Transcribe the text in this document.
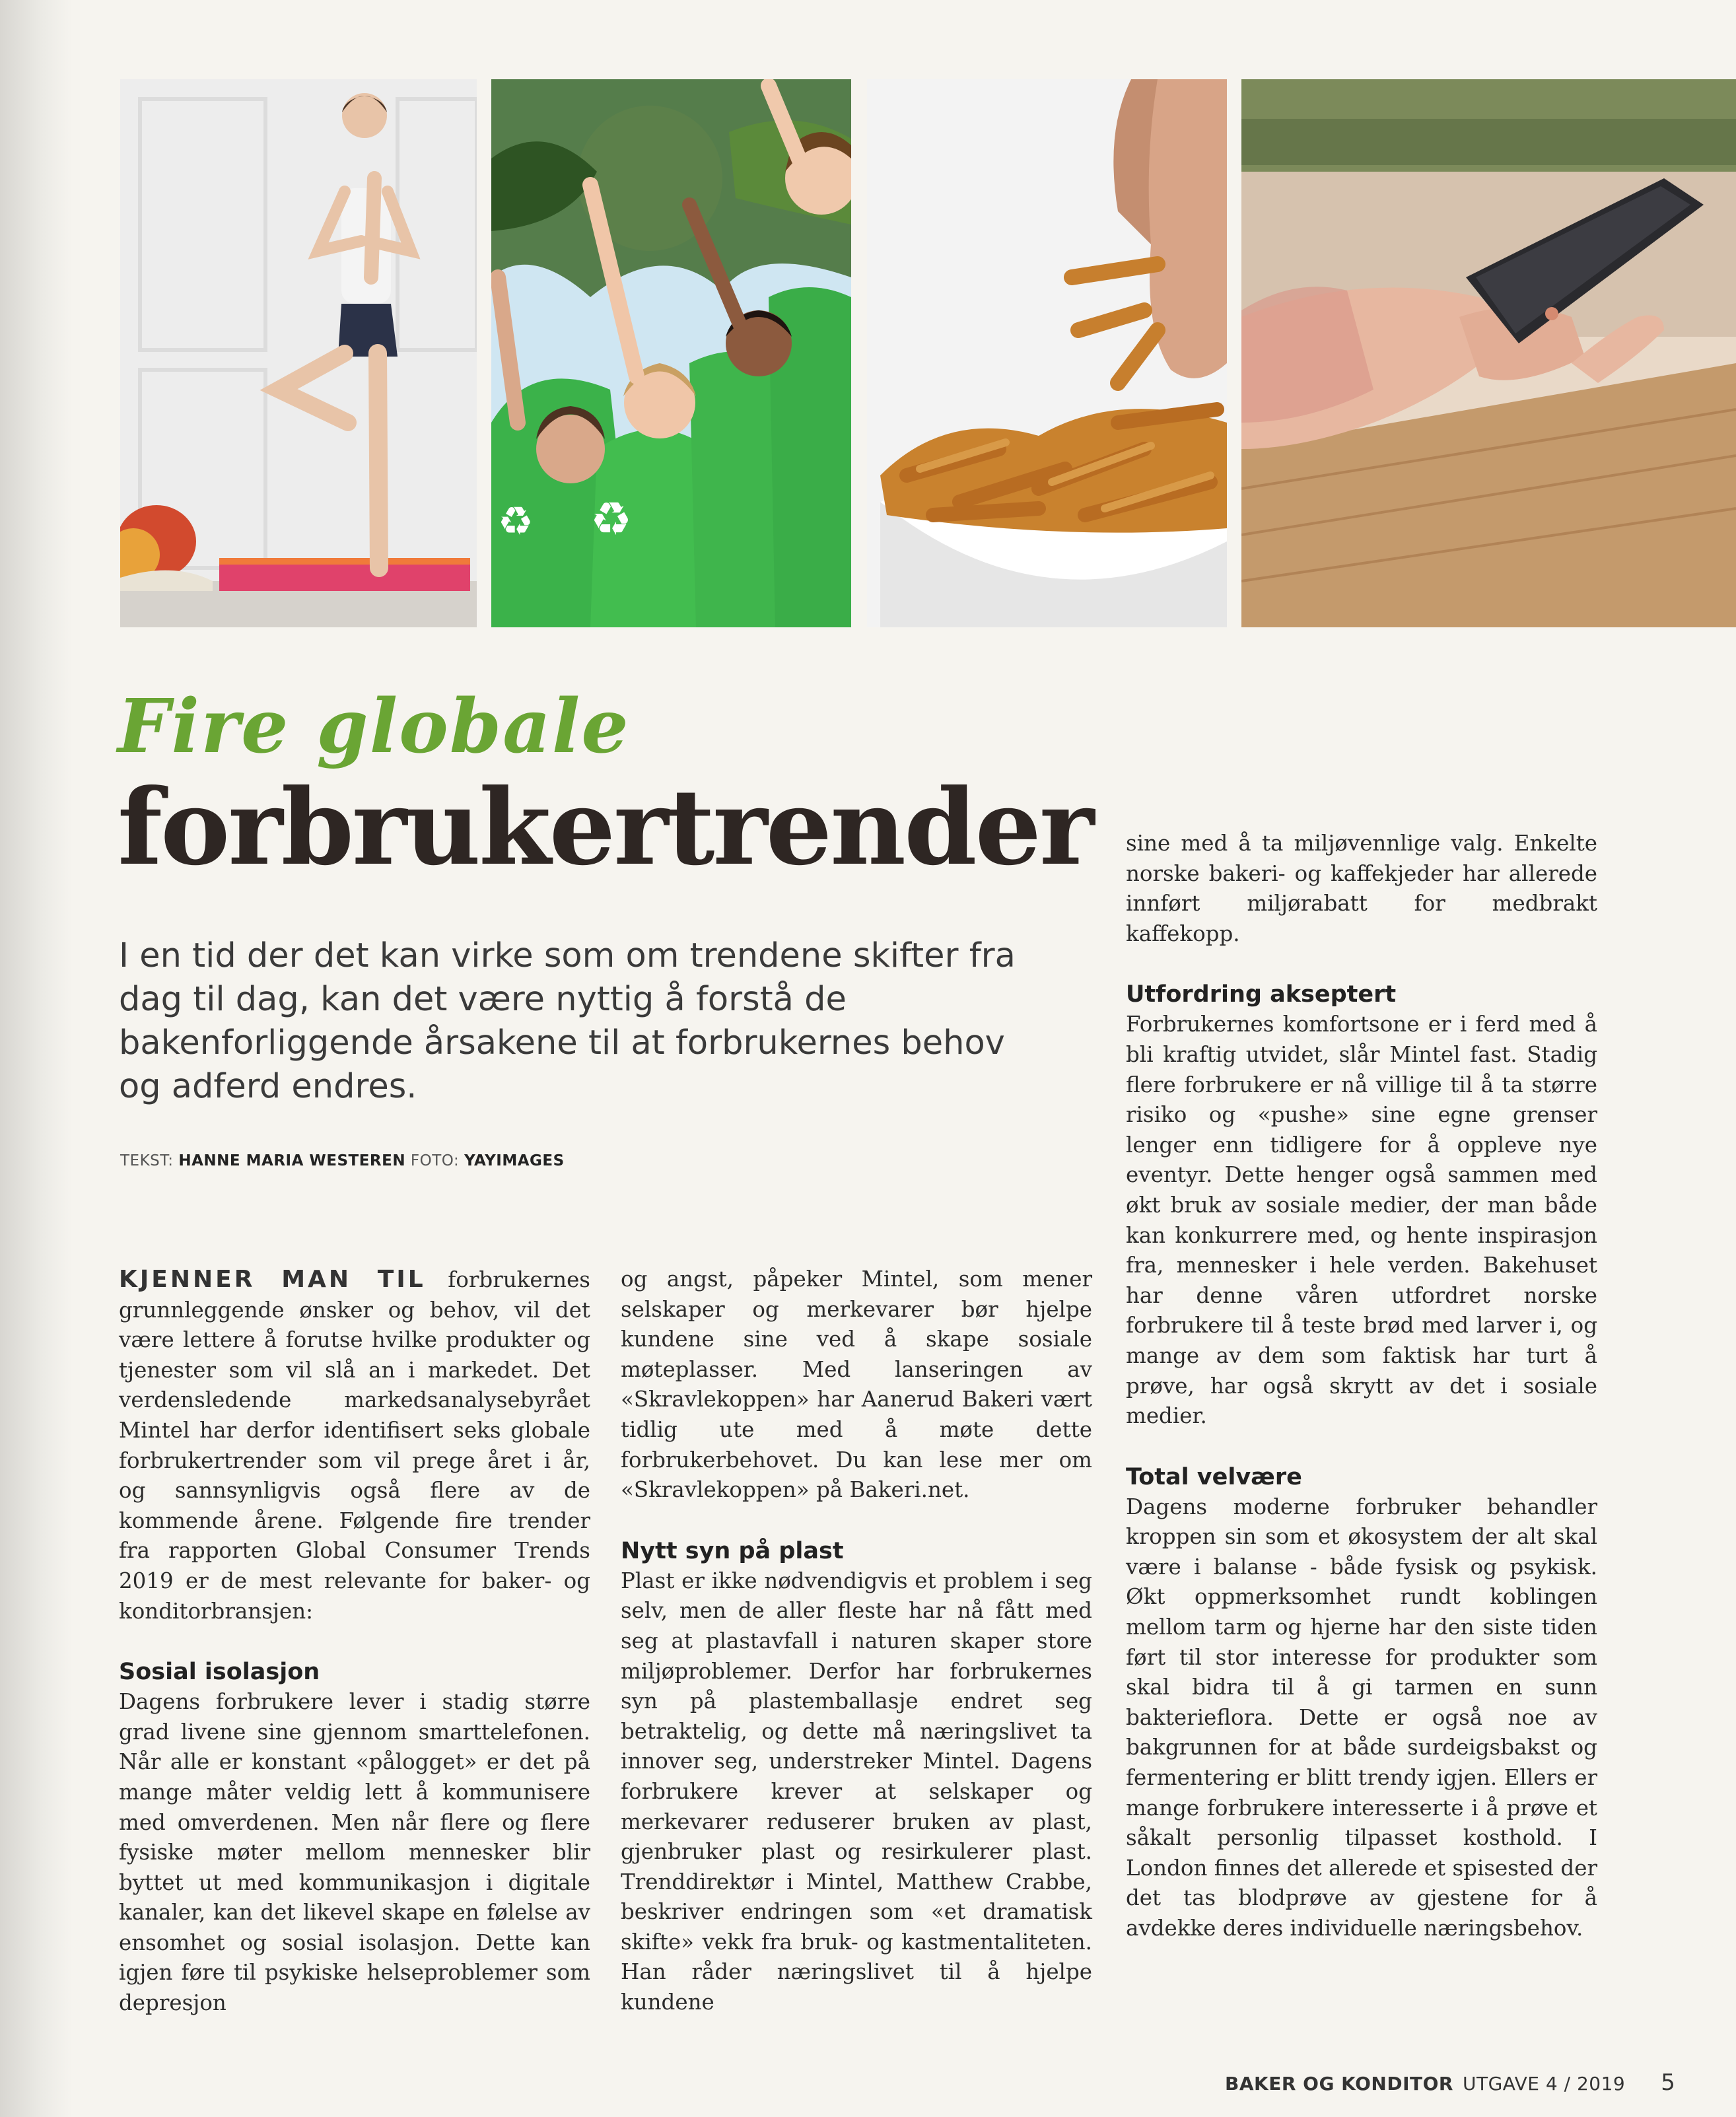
♻
♻
Fire globale
forbrukertrender
I en tid der det kan virke som om trendene skifter fra dag til dag, kan det være nyttig å forstå de bakenforliggende årsakene til at forbrukernes behov og adferd endres.
TEKST: HANNE MARIA WESTEREN FOTO: YAYIMAGES

KJENNER MAN TIL forbrukernes grunnleggende ønsker og behov, vil det være lettere å forutse hvilke produkter og tjenester som vil slå an i markedet. Det verdensledende markedsanalysebyrået Mintel har derfor identifisert seks globale forbrukertrender som vil prege året i år, og sannsynligvis også flere av de kommende årene. Følgende fire trender fra rapporten Global Consumer Trends 2019 er de mest relevante for baker- og konditorbransjen:

Sosial isolasjon

Dagens forbrukere lever i stadig større grad livene sine gjennom smarttelefonen. Når alle er konstant «pålogget» er det på mange måter veldig lett å kommunisere med omverdenen. Men når flere og flere fysiske møter mellom mennesker blir byttet ut med kommunikasjon i digitale kanaler, kan det likevel skape en følelse av ensomhet og sosial isolasjon. Dette kan igjen føre til psykiske helseproblemer som depresjon

og angst, påpeker Mintel, som mener selskaper og merkevarer bør hjelpe kundene sine ved å skape sosiale møteplasser. Med lanseringen av «Skravlekoppen» har Aanerud Bakeri vært tidlig ute med å møte dette forbrukerbehovet. Du kan lese mer om «Skravlekoppen» på Bakeri.net.

Nytt syn på plast

Plast er ikke nødvendigvis et problem i seg selv, men de aller fleste har nå fått med seg at plastavfall i naturen skaper store miljøproblemer. Derfor har forbrukernes syn på plastemballasje endret seg betraktelig, og dette må næringslivet ta innover seg, understreker Mintel. Dagens forbrukere krever at selskaper og merkevarer reduserer bruken av plast, gjenbruker plast og resirkulerer plast. Trenddirektør i Mintel, Matthew Crabbe, beskriver endringen som «et dramatisk skifte» vekk fra bruk- og kastmentaliteten. Han råder næringslivet til å hjelpe kundene

sine med å ta miljøvennlige valg. Enkelte norske bakeri- og kaffekjeder har allerede innført miljørabatt for medbrakt kaffekopp.

Utfordring akseptert

Forbrukernes komfortsone er i ferd med å bli kraftig utvidet, slår Mintel fast. Stadig flere forbrukere er nå villige til å ta større risiko og «pushe» sine egne grenser lenger enn tidligere for å oppleve nye eventyr. Dette henger også sammen med økt bruk av sosiale medier, der man både kan konkurrere med, og hente inspirasjon fra, mennesker i hele verden. Bakehuset har denne våren utfordret norske forbrukere til å teste brød med larver i, og mange av dem som faktisk har turt å prøve, har også skrytt av det i sosiale medier.

Total velvære

Dagens moderne forbruker behandler kroppen sin som et økosystem der alt skal være i balanse - både fysisk og psykisk. Økt oppmerksomhet rundt koblingen mellom tarm og hjerne har den siste tiden ført til stor interesse for produkter som skal bidra til å gi tarmen en sunn bakterieflora. Dette er også noe av bakgrunnen for at både surdeigsbakst og fermentering er blitt trendy igjen. Ellers er mange forbrukere interesserte i å prøve et såkalt personlig tilpasset kosthold. I London finnes det allerede et spisested der det tas blodprøve av gjestene for å avdekke deres individuelle næringsbehov.

BAKER OG KONDITOR UTGAVE 4 / 2019 5
